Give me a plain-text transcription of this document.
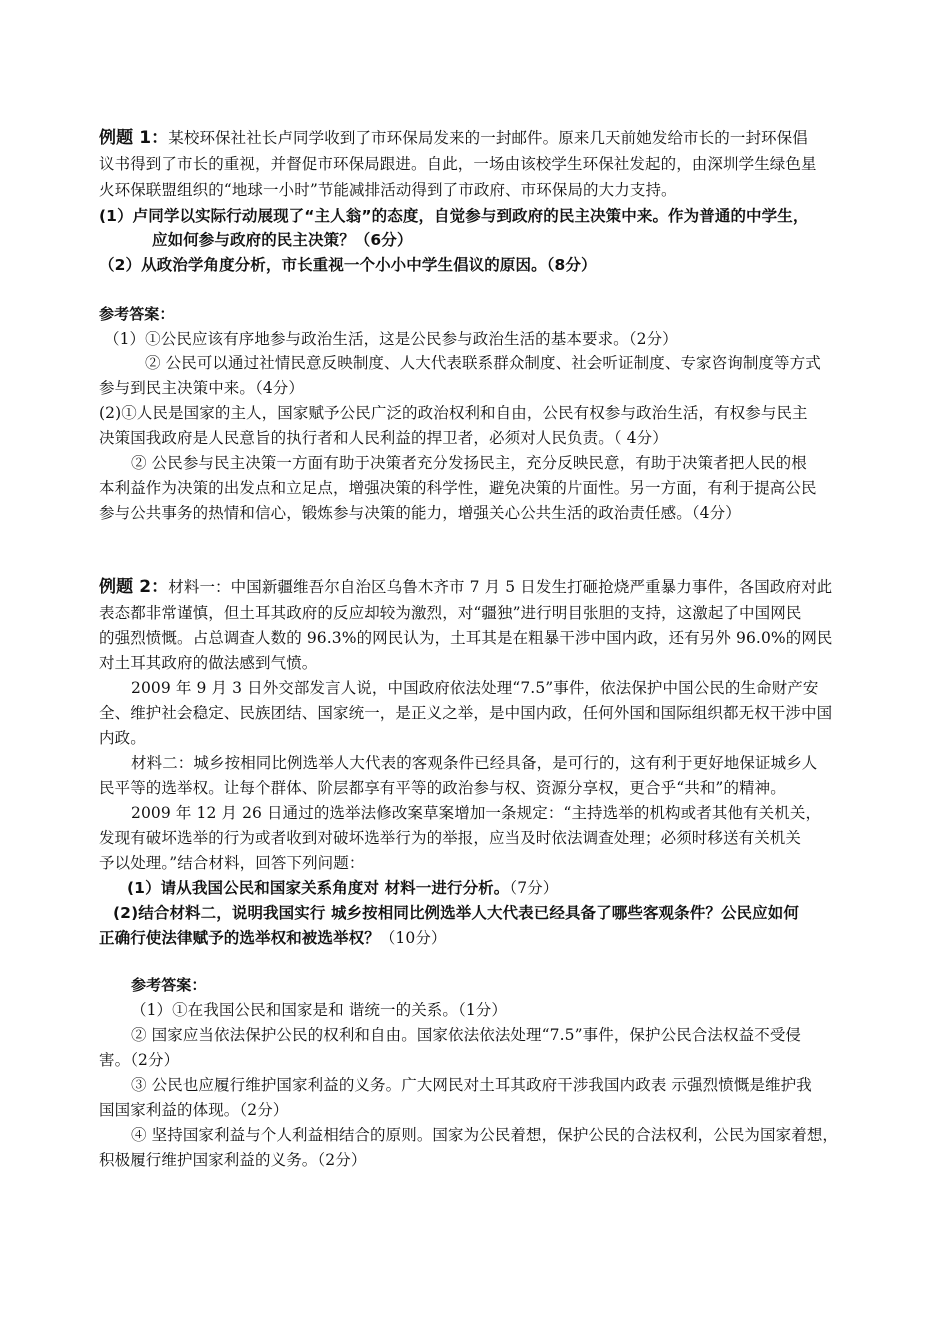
例题 1：某校环保社社长卢同学收到了市环保局发来的一封邮件。原来几天前她发给市长的一封环保倡

议书得到了市长的重视，并督促市环保局跟进。自此，一场由该校学生环保社发起的，由深圳学生绿色星

火环保联盟组织的“地球一小时”节能减排活动得到了市政府、市环保局的大力支持。

(1）卢同学以实际行动展现了“主人翁”的态度，自觉参与到政府的民主决策中来。作为普通的中学生，

应如何参与政府的民主决策？（6分）

（2）从政治学角度分析，市长重视一个小小中学生倡议的原因。（8分）

参考答案：

（1）①公民应该有序地参与政治生活，这是公民参与政治生活的基本要求。（2分）

② 公民可以通过社情民意反映制度、人大代表联系群众制度、社会听证制度、专家咨询制度等方式

参与到民主决策中来。（4分）

(2)①人民是国家的主人，国家赋予公民广泛的政治权利和自由，公民有权参与政治生活，有权参与民主

决策国我政府是人民意旨的执行者和人民利益的捍卫者，必须对人民负责。（ 4分）

② 公民参与民主决策一方面有助于决策者充分发扬民主，充分反映民意，有助于决策者把人民的根

本利益作为决策的出发点和立足点，增强决策的科学性，避免决策的片面性。另一方面，有利于提高公民

参与公共事务的热情和信心，锻炼参与决策的能力，增强关心公共生活的政治责任感。（4分）

例题 2：材料一：中国新疆维吾尔自治区乌鲁木齐市 7 月 5 日发生打砸抢烧严重暴力事件，各国政府对此

表态都非常谨慎，但土耳其政府的反应却较为激烈，对“疆独”进行明目张胆的支持，这激起了中国网民

的强烈愤慨。占总调查人数的 96.3%的网民认为，土耳其是在粗暴干涉中国内政，还有另外 96.0%的网民

对土耳其政府的做法感到气愤。

2009 年 9 月 3 日外交部发言人说，中国政府依法处理“7.5”事件，依法保护中国公民的生命财产安

全、维护社会稳定、民族团结、国家统一，是正义之举，是中国内政，任何外国和国际组织都无权干涉中国

内政。

材料二：城乡按相同比例选举人大代表的客观条件已经具备，是可行的，这有利于更好地保证城乡人

民平等的选举权。让每个群体、阶层都享有平等的政治参与权、资源分享权，更合乎“共和”的精神。

2009 年 12 月 26 日通过的选举法修改案草案增加一条规定：“主持选举的机构或者其他有关机关，

发现有破坏选举的行为或者收到对破坏选举行为的举报，应当及时依法调查处理；必须时移送有关机关

予以处理。”结合材料，回答下列问题：

(1）请从我国公民和国家关系角度对 材料一进行分析。（7分）

(2)结合材料二，说明我国实行 城乡按相同比例选举人大代表已经具备了哪些客观条件？公民应如何

正确行使法律赋予的选举权和被选举权？（10分）

参考答案：

（1）①在我国公民和国家是和 谐统一的关系。（1分）

② 国家应当依法保护公民的权利和自由。国家依法依法处理“7.5”事件，保护公民合法权益不受侵

害。（2分）

③ 公民也应履行维护国家利益的义务。广大网民对土耳其政府干涉我国内政表 示强烈愤慨是维护我

国国家利益的体现。（2分）

④ 坚持国家利益与个人利益相结合的原则。国家为公民着想，保护公民的合法权利，公民为国家着想，

积极履行维护国家利益的义务。（2分）
